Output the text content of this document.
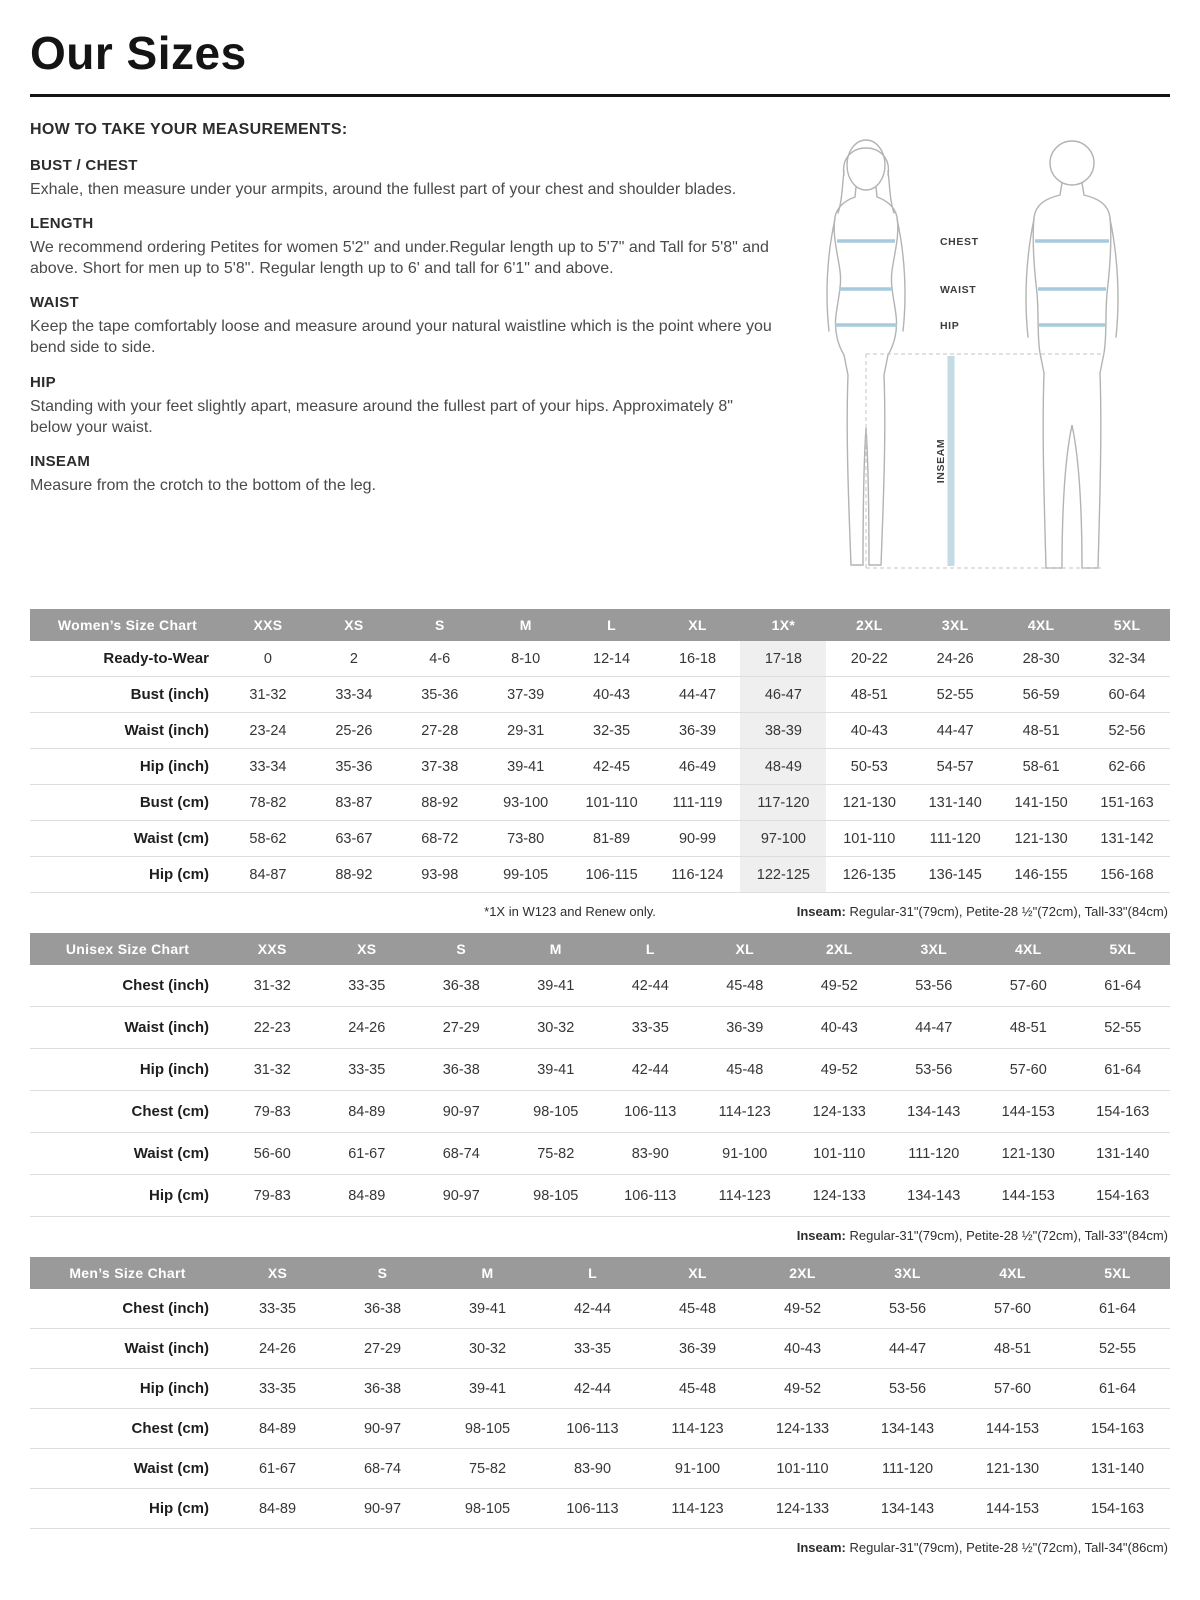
Our Sizes
HOW TO TAKE YOUR MEASUREMENTS:
BUST / CHEST

Exhale, then measure under your armpits, around the fullest part of your chest and shoulder blades.

LENGTH

We recommend ordering Petites for women 5'2" and under.Regular length up to 5'7" and Tall for 5'8" and above. Short for men up to 5'8". Regular length up to 6' and tall for 6'1" and above.

WAIST

Keep the tape comfortably loose and measure around your natural waistline which is the point where you bend side to side.

HIP

Standing with your feet slightly apart, measure around the fullest part of your hips. Approximately 8" below your waist.

INSEAM

Measure from the crotch to the bottom of the leg.

CHEST
WAIST
HIP
INSEAM
Women’s Size Chart	XXS	XS	S	M	L	XL	1X*	2XL	3XL	4XL	5XL
Ready-to-Wear	0	2	4-6	8-10	12-14	16-18	17-18	20-22	24-26	28-30	32-34
Bust (inch)	31-32	33-34	35-36	37-39	40-43	44-47	46-47	48-51	52-55	56-59	60-64
Waist (inch)	23-24	25-26	27-28	29-31	32-35	36-39	38-39	40-43	44-47	48-51	52-56
Hip (inch)	33-34	35-36	37-38	39-41	42-45	46-49	48-49	50-53	54-57	58-61	62-66
Bust (cm)	78-82	83-87	88-92	93-100	101-110	111-119	117-120	121-130	131-140	141-150	151-163
Waist (cm)	58-62	63-67	68-72	73-80	81-89	90-99	97-100	101-110	111-120	121-130	131-142
Hip (cm)	84-87	88-92	93-98	99-105	106-115	116-124	122-125	126-135	136-145	146-155	156-168

*1X in W123 and Renew only.	Inseam: Regular-31"(79cm), Petite-28 ½"(72cm), Tall-33"(84cm)

Unisex Size Chart	XXS	XS	S	M	L	XL	2XL	3XL	4XL	5XL
Chest (inch)	31-32	33-35	36-38	39-41	42-44	45-48	49-52	53-56	57-60	61-64
Waist (inch)	22-23	24-26	27-29	30-32	33-35	36-39	40-43	44-47	48-51	52-55
Hip (inch)	31-32	33-35	36-38	39-41	42-44	45-48	49-52	53-56	57-60	61-64
Chest (cm)	79-83	84-89	90-97	98-105	106-113	114-123	124-133	134-143	144-153	154-163
Waist (cm)	56-60	61-67	68-74	75-82	83-90	91-100	101-110	111-120	121-130	131-140
Hip (cm)	79-83	84-89	90-97	98-105	106-113	114-123	124-133	134-143	144-153	154-163

Inseam: Regular-31"(79cm), Petite-28 ½"(72cm), Tall-33"(84cm)

Men’s Size Chart	XS	S	M	L	XL	2XL	3XL	4XL	5XL
Chest (inch)	33-35	36-38	39-41	42-44	45-48	49-52	53-56	57-60	61-64
Waist (inch)	24-26	27-29	30-32	33-35	36-39	40-43	44-47	48-51	52-55
Hip (inch)	33-35	36-38	39-41	42-44	45-48	49-52	53-56	57-60	61-64
Chest (cm)	84-89	90-97	98-105	106-113	114-123	124-133	134-143	144-153	154-163
Waist (cm)	61-67	68-74	75-82	83-90	91-100	101-110	111-120	121-130	131-140
Hip (cm)	84-89	90-97	98-105	106-113	114-123	124-133	134-143	144-153	154-163

Inseam: Regular-31"(79cm), Petite-28 ½"(72cm), Tall-34"(86cm)
